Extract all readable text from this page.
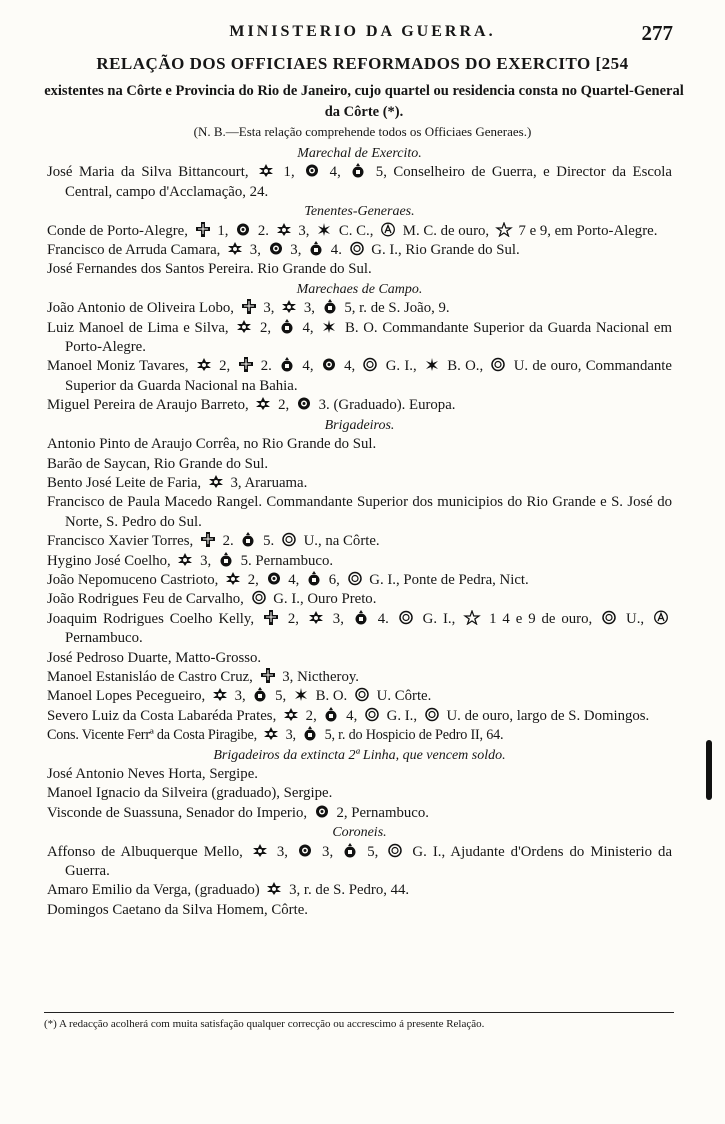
MINISTERIO DA GUERRA.	277
RELAÇÃO DOS OFFICIAES REFORMADOS DO EXERCITO [254
existentes na Côrte e Provincia do Rio de Janeiro, cujo quartel ou residencia consta no Quartel-General da Côrte (*).
(N. B.—Esta relação comprehende todos os Officiaes Generaes.)
Marechal de Exercito.
José Maria da Silva Bittancourt,
1,
4,
5, Conselheiro de Guerra, e Director da Escola Central, campo d'Acclamação, 24.
Tenentes-Generaes.
Conde de Porto-Alegre,
1,
2.
3,
C. C.,
M. C. de ouro,
7 e 9, em Porto-Alegre.
Francisco de Arruda Camara,
3,
3,
4.
G. I., Rio Grande do Sul.
José Fernandes dos Santos Pereira. Rio Grande do Sul.
Marechaes de Campo.
João Antonio de Oliveira Lobo,
3,
3,
5, r. de S. João, 9.
Luiz Manoel de Lima e Silva,
2,
4,
B. O. Commandante Superior da Guarda Nacional em Porto-Alegre.
Manoel Moniz Tavares,
2,
2.
4,
4,
G. I.,
B. O.,
U. de ouro, Commandante Superior da Guarda Nacional na Bahia.
Miguel Pereira de Araujo Barreto,
2,
3. (Graduado). Europa.
Brigadeiros.
Antonio Pinto de Araujo Corrêa, no Rio Grande do Sul.
Barão de Saycan, Rio Grande do Sul.
Bento José Leite de Faria,
3, Araruama.
Francisco de Paula Macedo Rangel. Commandante Superior dos municipios do Rio Grande e S. José do Norte, S. Pedro do Sul.
Francisco Xavier Torres,
2.
5.
U., na Côrte.
Hygino José Coelho,
3,
5. Pernambuco.
João Nepomuceno Castrioto,
2,
4,
6,
G. I., Ponte de Pedra, Nict.
João Rodrigues Feu de Carvalho,
G. I., Ouro Preto.
Joaquim Rodrigues Coelho Kelly,
2,
3,
4.
G. I.,
1 4 e 9 de ouro,
U.,
Pernambuco.
José Pedroso Duarte, Matto-Grosso.
Manoel Estanisláo de Castro Cruz,
3, Nictheroy.
Manoel Lopes Pecegueiro,
3,
5,
B. O.
U. Côrte.
Severo Luiz da Costa Labaréda Prates,
2,
4,
G. I.,
U. de ouro, largo de S. Domingos.
Cons. Vicente Ferrª da Costa Piragibe,
3,
5, r. do Hospicio de Pedro II, 64.
Brigadeiros da extincta 2ª Linha, que vencem soldo.
José Antonio Neves Horta, Sergipe.
Manoel Ignacio da Silveira (graduado), Sergipe.
Visconde de Suassuna, Senador do Imperio,
2, Pernambuco.
Coroneis.
Affonso de Albuquerque Mello,
3,
3,
5,
G. I., Ajudante d'Ordens do Ministerio da Guerra.
Amaro Emilio da Verga, (graduado)
3, r. de S. Pedro, 44.
Domingos Caetano da Silva Homem, Côrte.
(*) A redacção acolherá com muita satisfação qualquer correcção ou accrescimo á presente Relação.
